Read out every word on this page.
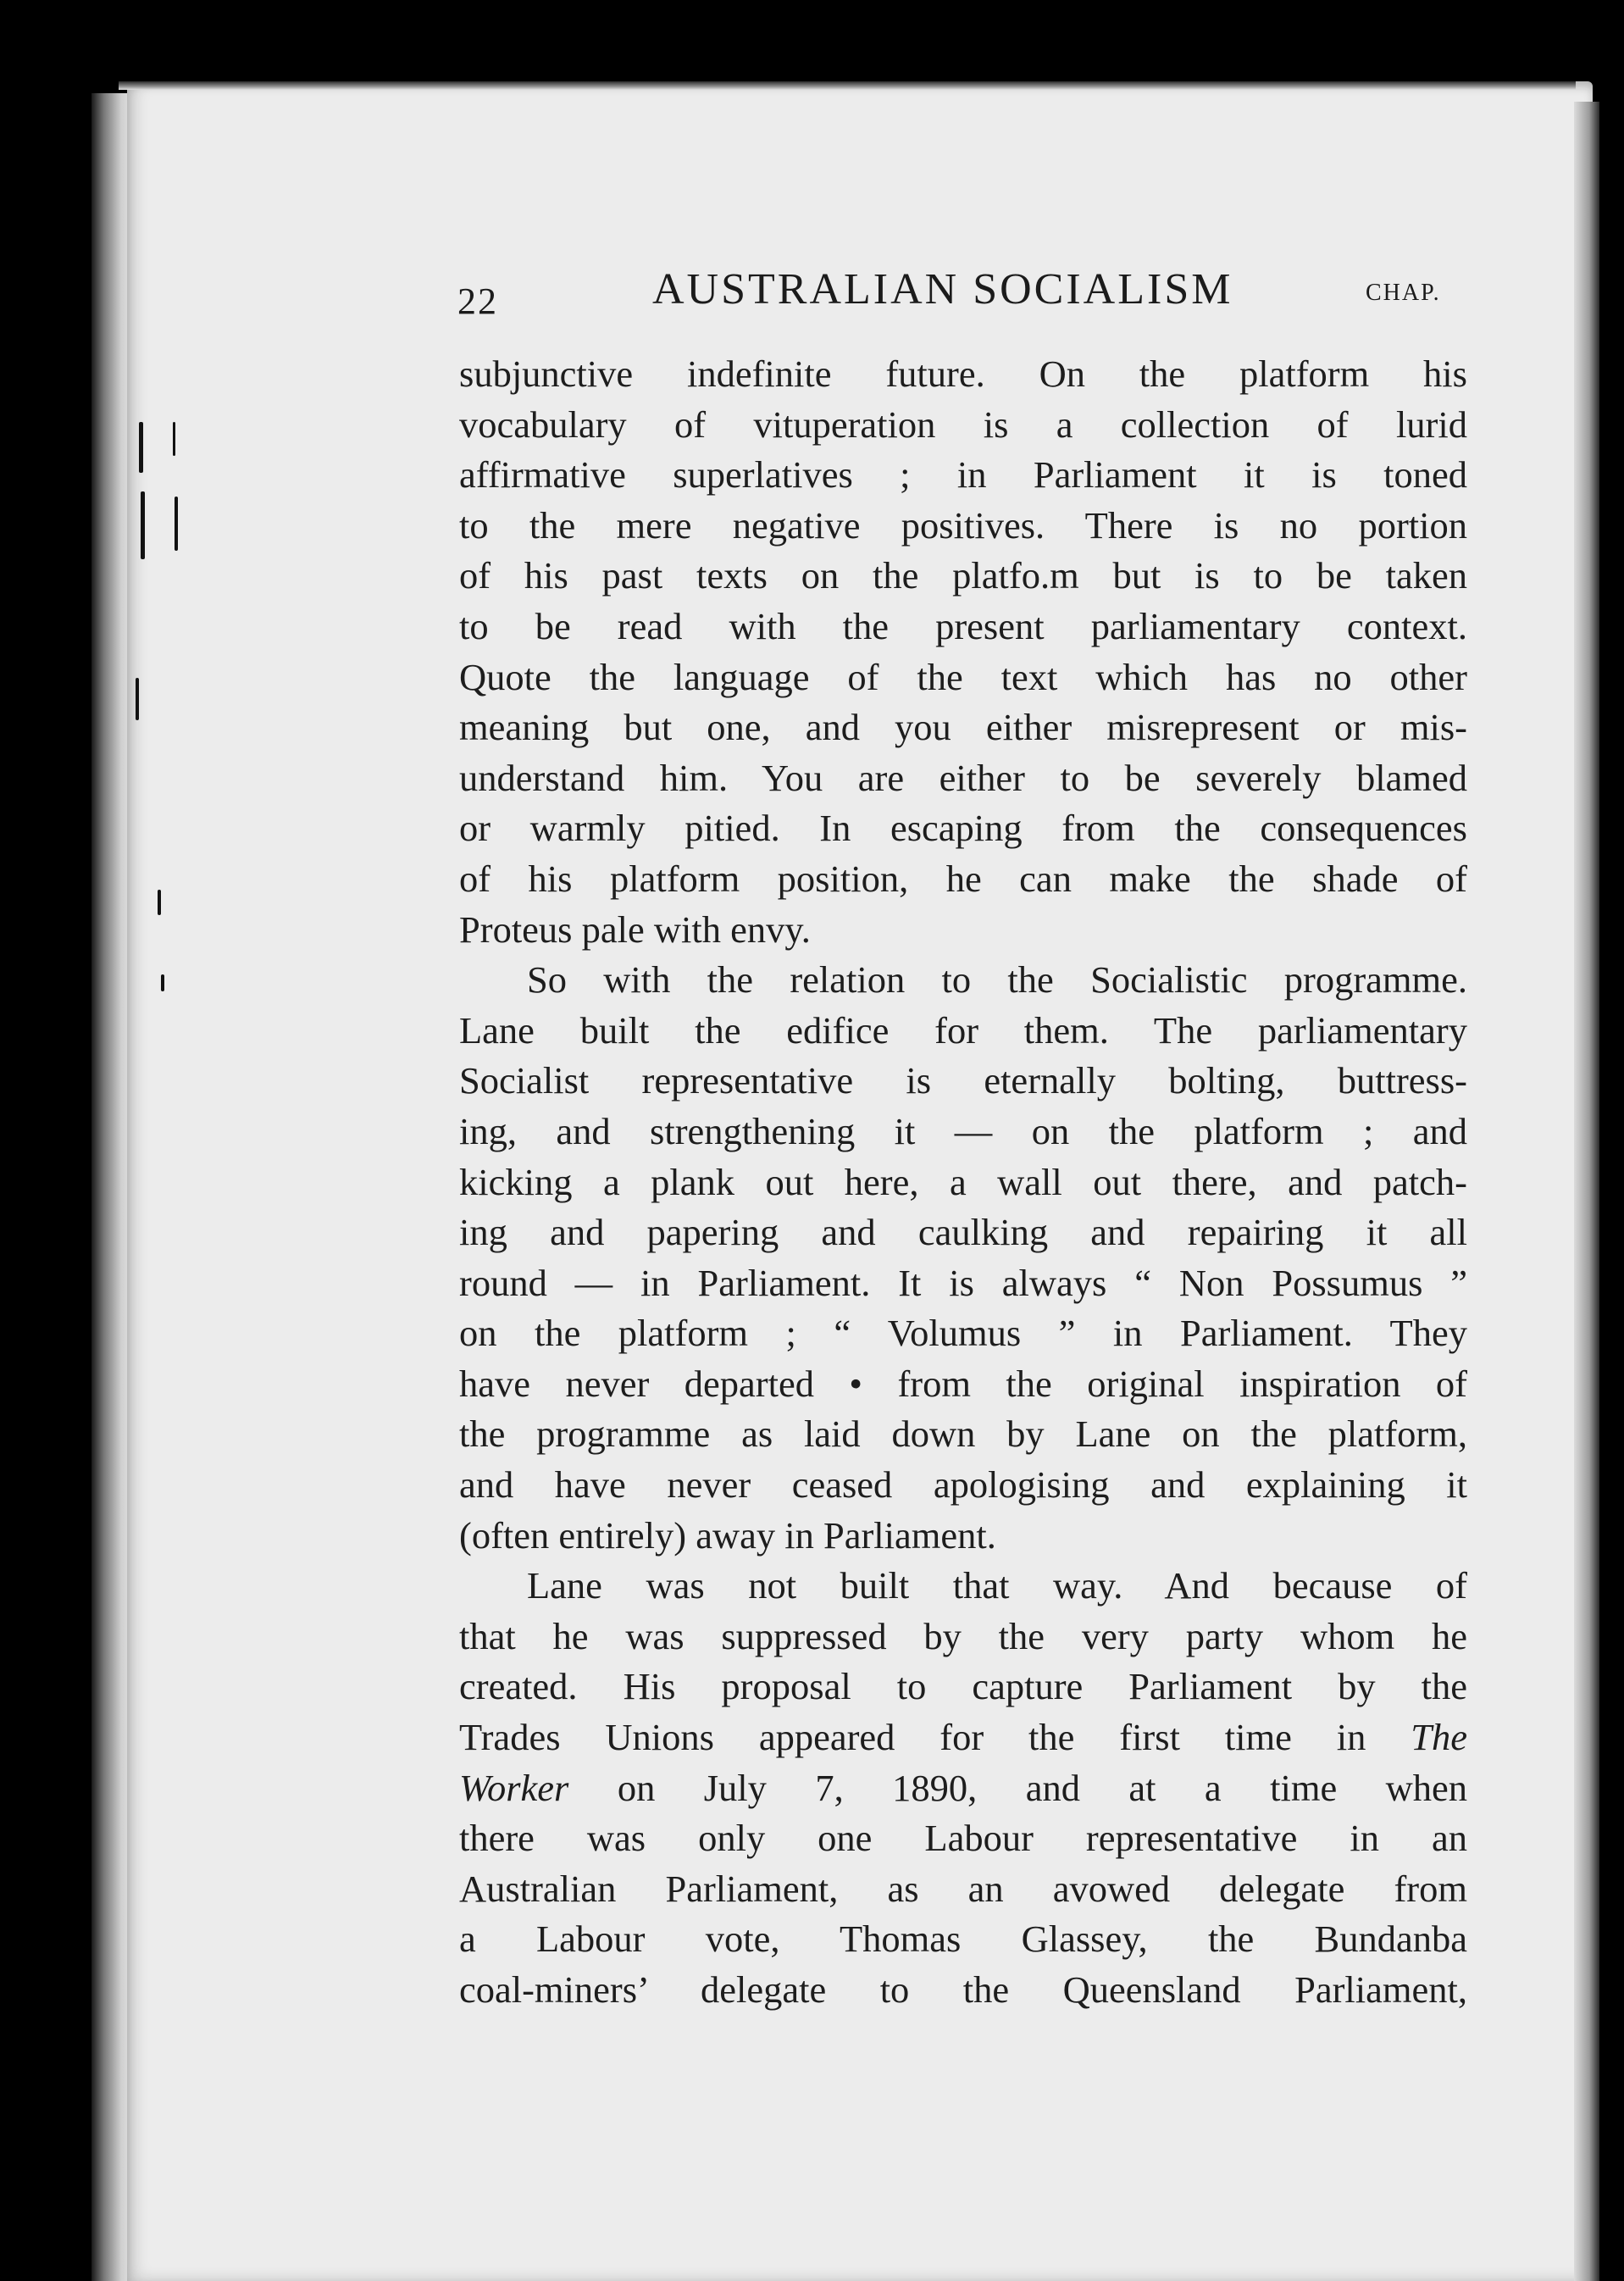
22	AUSTRALIAN SOCIALISM	CHAP.
subjunctive indefinite future. On the platform his
vocabulary of vituperation is a collection of lurid
affirmative superlatives ; in Parliament it is toned
to the mere negative positives. There is no portion
of his past texts on the platfo.m but is to be taken
to be read with the present parliamentary context.
Quote the language of the text which has no other
meaning but one, and you either misrepresent or mis-
understand him. You are either to be severely blamed
or warmly pitied. In escaping from the consequences
of his platform position, he can make the shade of
Proteus pale with envy.
So with the relation to the Socialistic programme.
Lane built the edifice for them. The parliamentary
Socialist representative is eternally bolting, buttress-
ing, and strengthening it — on the platform ; and
kicking a plank out here, a wall out there, and patch-
ing and papering and caulking and repairing it all
round — in Parliament. It is always “ Non Possumus ”
on the platform ; “ Volumus ” in Parliament. They
have never departed • from the original inspiration of
the programme as laid down by Lane on the platform,
and have never ceased apologising and explaining it
(often entirely) away in Parliament.
Lane was not built that way. And because of
that he was suppressed by the very party whom he
created. His proposal to capture Parliament by the
Trades Unions appeared for the first time in The
Worker on July 7, 1890, and at a time when
there was only one Labour representative in an
Australian Parliament, as an avowed delegate from
a Labour vote, Thomas Glassey, the Bundanba
coal-miners’ delegate to the Queensland Parliament,
